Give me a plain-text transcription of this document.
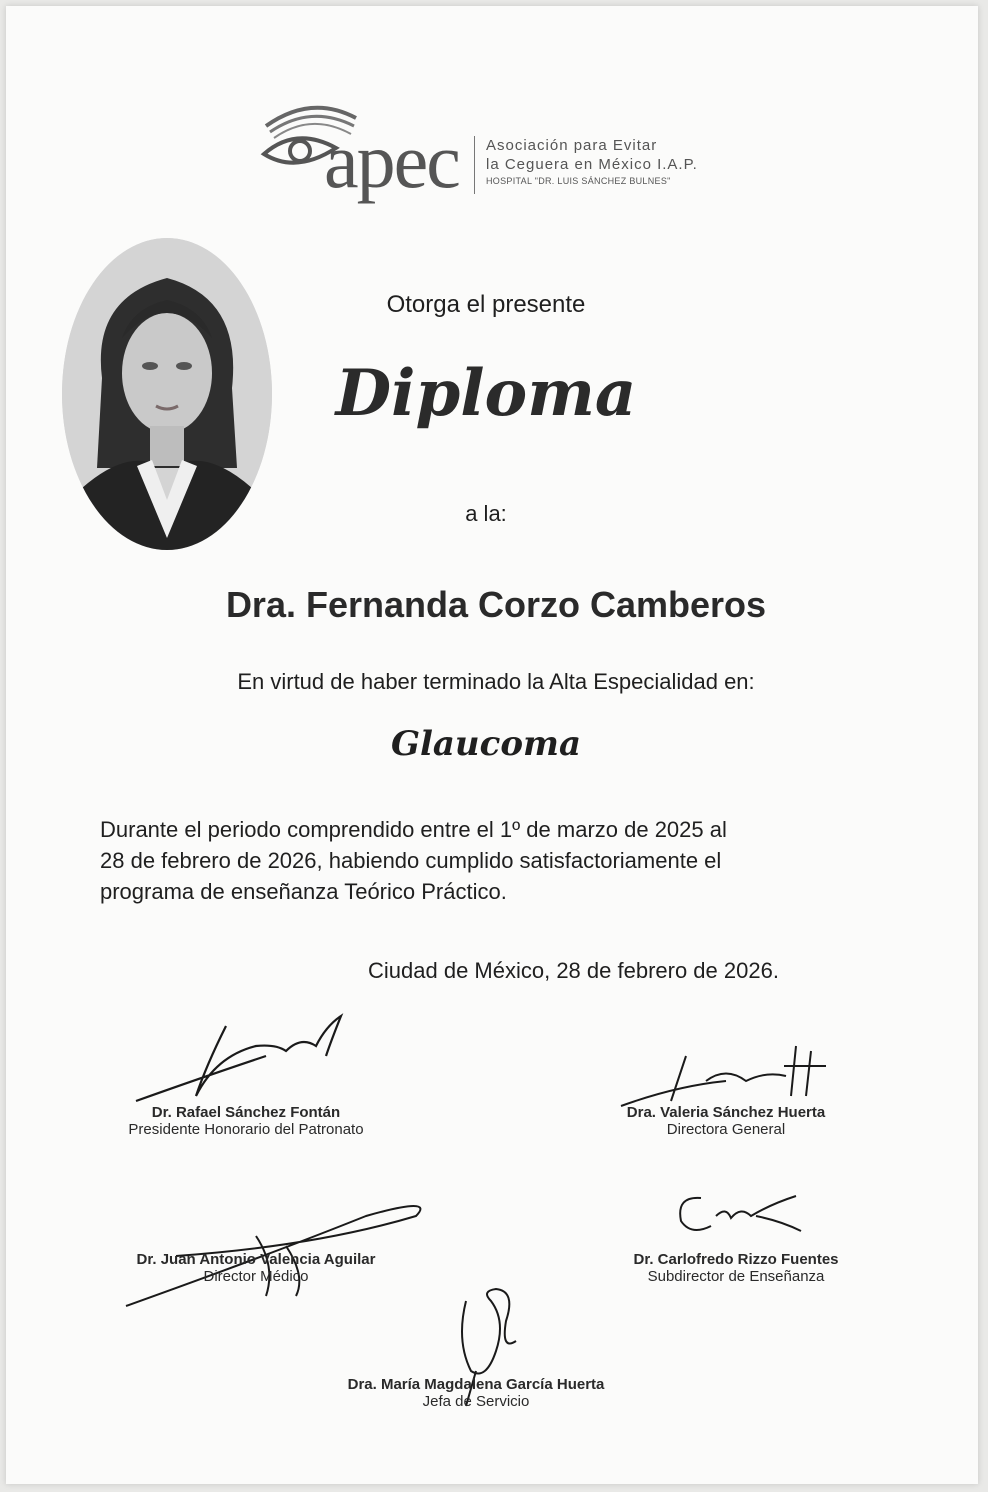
apec Asociación para Evitar
la Ceguera en México I.A.P.
HOSPITAL "DR. LUIS SÁNCHEZ BULNES"
Otorga el presente
Diploma
a la:
Dra. Fernanda Corzo Camberos
En virtud de haber terminado la Alta Especialidad en:
Glaucoma
Durante el periodo comprendido entre el 1º de marzo de 2025 al
28 de febrero de 2026, habiendo cumplido satisfactoriamente el
programa de enseñanza Teórico Práctico.
Ciudad de México, 28 de febrero de 2026.
Dr. Rafael Sánchez Fontán
Presidente Honorario del Patronato
Dra. Valeria Sánchez Huerta
Directora General
Dr. Juan Antonio Valencia Aguilar
Director Médico
Dr. Carlofredo Rizzo Fuentes
Subdirector de Enseñanza
Dra. María Magdalena García Huerta
Jefa de Servicio
